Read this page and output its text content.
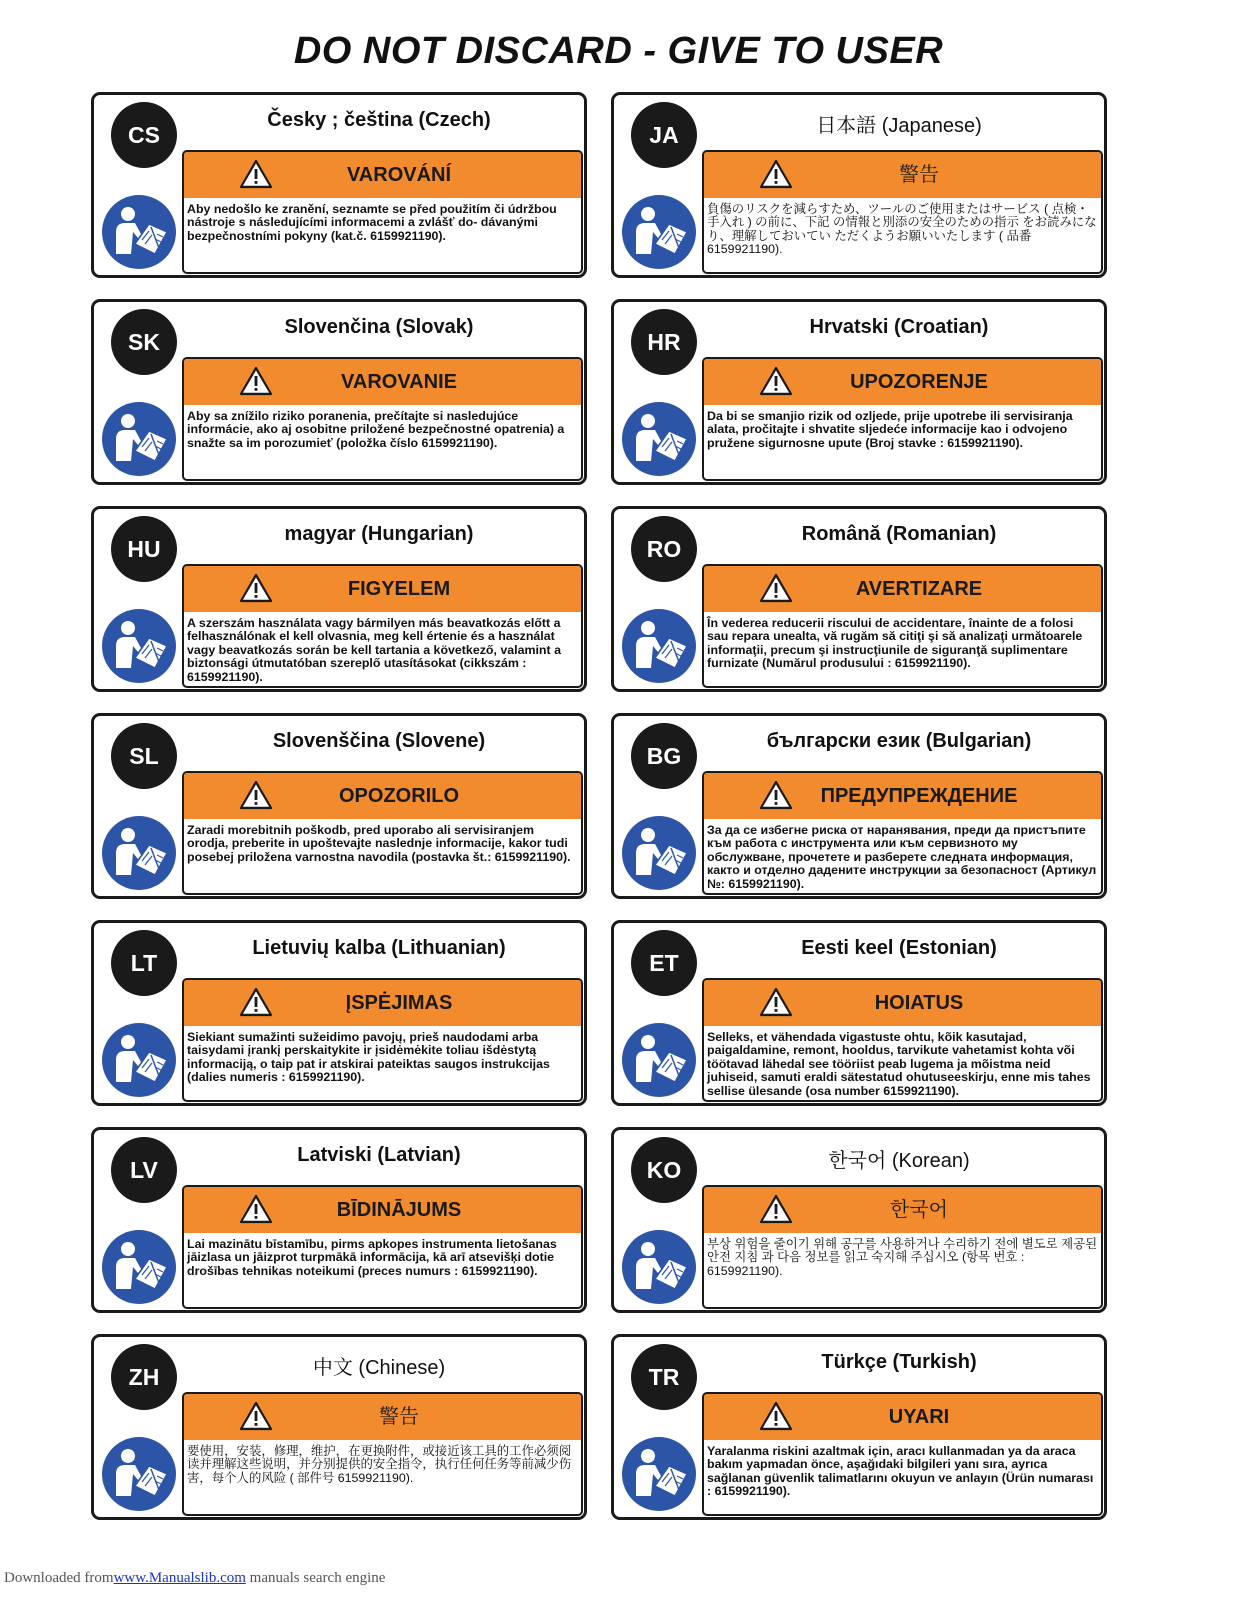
DO NOT DISCARD - GIVE TO USER
CS
Česky ; čeština (Czech)
VAROVÁNÍ
Aby nedošlo ke zranění, seznamte se před použitím či údržbou nástroje s následujícími informacemi a zvlášť do- dávanými bezpečnostními pokyny (kat.č. 6159921190).
JA	日本語 (Japanese)
警告
負傷のリスクを減らすため、ツールのご使用またはサービス ( 点検・手入れ ) の前に、下記 の情報と別添の安全のための指示 をお読みになり、理解しておいてい ただくようお願いいたします ( 品番 6159921190).
SK
Slovenčina (Slovak)
VAROVANIE
Aby sa znížilo riziko poranenia, prečítajte si nasledujúce informácie, ako aj osobitne priložené bezpečnostné opatrenia) a snažte sa im porozumieť (položka číslo 6159921190).
HR
Hrvatski (Croatian)
UPOZORENJE
Da bi se smanjio rizik od ozljede, prije upotrebe ili servisiranja alata, pročitajte i shvatite sljedeće informacije kao i odvojeno pružene sigurnosne upute (Broj stavke : 6159921190).
HU
magyar (Hungarian)
FIGYELEM
A szerszám használata vagy bármilyen más beavatkozás előtt a felhasználónak el kell olvasnia, meg kell értenie és a használat vagy beavatkozás során be kell tartania a következő, valamint a biztonsági útmutatóban szereplő utasításokat (cikkszám : 6159921190).
RO
Română (Romanian)
AVERTIZARE
În vederea reducerii riscului de accidentare, înainte de a folosi sau repara unealta, vă rugăm să citiţi şi să analizaţi următoarele informaţii, precum şi instrucţiunile de siguranţă suplimentare furnizate (Numărul produsului : 6159921190).
SL
Slovenščina (Slovene)
OPOZORILO
Zaradi morebitnih poškodb, pred uporabo ali servisiranjem orodja, preberite in upoštevajte naslednje informacije, kakor tudi posebej priložena varnostna navodila (postavka št.: 6159921190).
BG
български език (Bulgarian)
ПРЕДУПРЕЖДЕНИЕ
За да се избегне риска от наранявания, преди да пристъпите към работа с инструмента или към сервизното му обслужване, прочетете и разберете следната информация, както и отделно дадените инструкции за безопасност (Артикул №: 6159921190).
LT
Lietuvių kalba (Lithuanian)
ĮSPĖJIMAS
Siekiant sumažinti sužeidimo pavojų, prieš naudodami arba taisydami įrankį perskaitykite ir įsidėmėkite toliau išdėstytą informaciją, o taip pat ir atskirai pateiktas saugos instrukcijas (dalies numeris : 6159921190).
ET
Eesti keel (Estonian)
HOIATUS
Selleks, et vähendada vigastuste ohtu, kõik kasutajad, paigaldamine, remont, hooldus, tarvikute vahetamist kohta või töötavad lähedal see tööriist peab lugema ja mõistma neid juhiseid, samuti eraldi sätestatud ohutuseeskirju, enne mis tahes sellise ülesande (osa number 6159921190).
LV
Latviski (Latvian)
BĪDINĀJUMS
Lai mazinātu bīstamību, pirms apkopes instrumenta lietošanas jāizlasa un jāizprot turpmākā informācija, kā arī atsevišķi dotie drošības tehnikas noteikumi (preces numurs : 6159921190).
KO	한국어 (Korean)
한국어
부상 위험을 줄이기 위해 공구를 사용하거나 수리하기 전에 별도로 제공된 안전 지침 과 다음 정보를 읽고 숙지해 주십시오 (항목 번호 : 6159921190).
ZH	中文 (Chinese)
警告
要使用，安装，修理，维护，在更换附件，或接近该工具的工作必须阅读并理解这些说明，并分别提供的安全指令，执行任何任务等前减少伤害，每个人的风险 ( 部件号 6159921190).
TR
Türkçe (Turkish)
UYARI
Yaralanma riskini azaltmak için, aracı kullanmadan ya da araca bakım yapmadan önce, aşağıdaki bilgileri yanı sıra, ayrıca sağlanan güvenlik talimatlarını okuyun ve anlayın (Ürün numarası : 6159921190).
Downloaded fromwww.Manualslib.com manuals search engine
